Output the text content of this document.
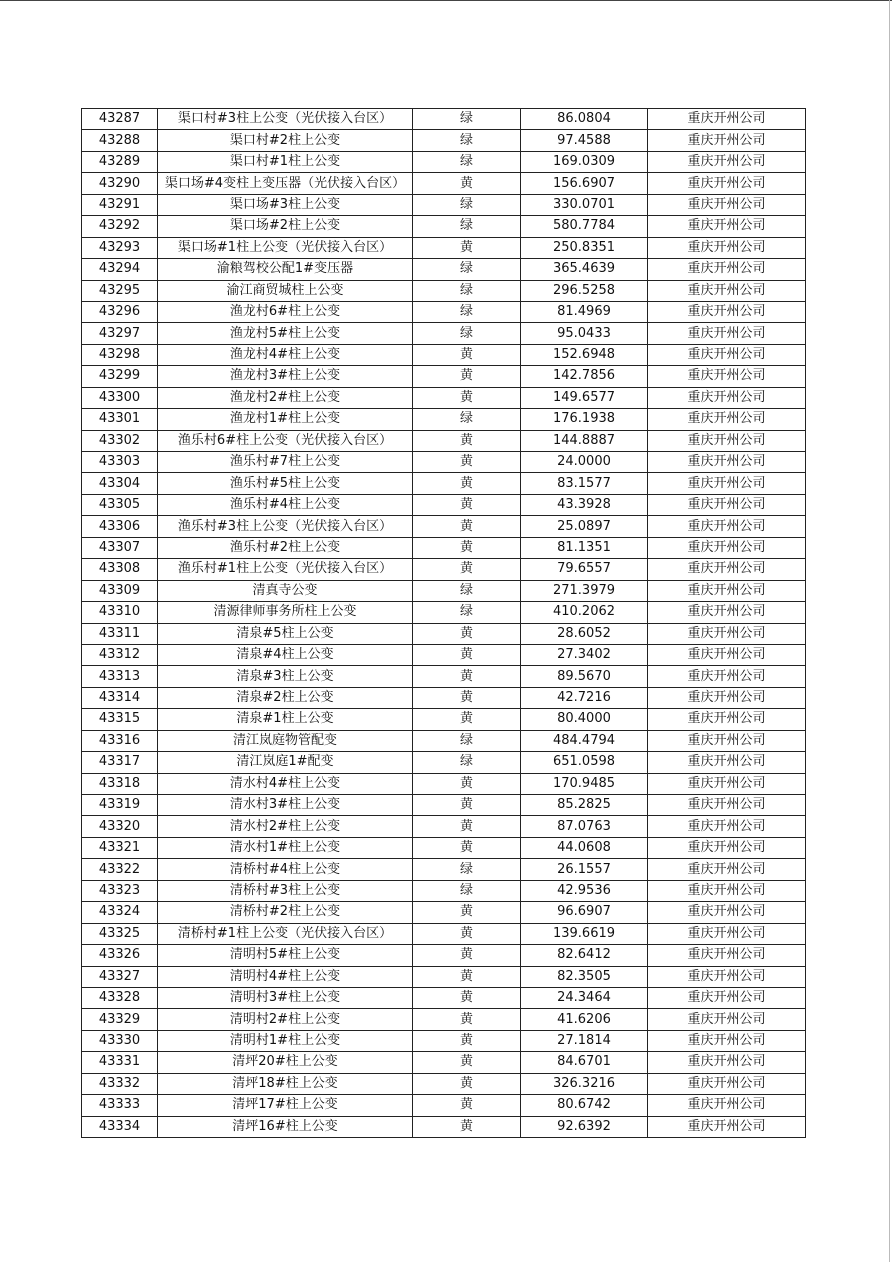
43287	渠口村#3柱上公变（光伏接入台区）	绿	86.0804	重庆开州公司
43288	渠口村#2柱上公变	绿	97.4588	重庆开州公司
43289	渠口村#1柱上公变	绿	169.0309	重庆开州公司
43290	渠口场#4变柱上变压器（光伏接入台区）	黄	156.6907	重庆开州公司
43291	渠口场#3柱上公变	绿	330.0701	重庆开州公司
43292	渠口场#2柱上公变	绿	580.7784	重庆开州公司
43293	渠口场#1柱上公变（光伏接入台区）	黄	250.8351	重庆开州公司
43294	渝粮驾校公配1#变压器	绿	365.4639	重庆开州公司
43295	渝江商贸城柱上公变	绿	296.5258	重庆开州公司
43296	渔龙村6#柱上公变	绿	81.4969	重庆开州公司
43297	渔龙村5#柱上公变	绿	95.0433	重庆开州公司
43298	渔龙村4#柱上公变	黄	152.6948	重庆开州公司
43299	渔龙村3#柱上公变	黄	142.7856	重庆开州公司
43300	渔龙村2#柱上公变	黄	149.6577	重庆开州公司
43301	渔龙村1#柱上公变	绿	176.1938	重庆开州公司
43302	渔乐村6#柱上公变（光伏接入台区）	黄	144.8887	重庆开州公司
43303	渔乐村#7柱上公变	黄	24.0000	重庆开州公司
43304	渔乐村#5柱上公变	黄	83.1577	重庆开州公司
43305	渔乐村#4柱上公变	黄	43.3928	重庆开州公司
43306	渔乐村#3柱上公变（光伏接入台区）	黄	25.0897	重庆开州公司
43307	渔乐村#2柱上公变	黄	81.1351	重庆开州公司
43308	渔乐村#1柱上公变（光伏接入台区）	黄	79.6557	重庆开州公司
43309	清真寺公变	绿	271.3979	重庆开州公司
43310	清源律师事务所柱上公变	绿	410.2062	重庆开州公司
43311	清泉#5柱上公变	黄	28.6052	重庆开州公司
43312	清泉#4柱上公变	黄	27.3402	重庆开州公司
43313	清泉#3柱上公变	黄	89.5670	重庆开州公司
43314	清泉#2柱上公变	黄	42.7216	重庆开州公司
43315	清泉#1柱上公变	黄	80.4000	重庆开州公司
43316	清江岚庭物管配变	绿	484.4794	重庆开州公司
43317	清江岚庭1#配变	绿	651.0598	重庆开州公司
43318	清水村4#柱上公变	黄	170.9485	重庆开州公司
43319	清水村3#柱上公变	黄	85.2825	重庆开州公司
43320	清水村2#柱上公变	黄	87.0763	重庆开州公司
43321	清水村1#柱上公变	黄	44.0608	重庆开州公司
43322	清桥村#4柱上公变	绿	26.1557	重庆开州公司
43323	清桥村#3柱上公变	绿	42.9536	重庆开州公司
43324	清桥村#2柱上公变	黄	96.6907	重庆开州公司
43325	清桥村#1柱上公变（光伏接入台区）	黄	139.6619	重庆开州公司
43326	清明村5#柱上公变	黄	82.6412	重庆开州公司
43327	清明村4#柱上公变	黄	82.3505	重庆开州公司
43328	清明村3#柱上公变	黄	24.3464	重庆开州公司
43329	清明村2#柱上公变	黄	41.6206	重庆开州公司
43330	清明村1#柱上公变	黄	27.1814	重庆开州公司
43331	清坪20#柱上公变	黄	84.6701	重庆开州公司
43332	清坪18#柱上公变	黄	326.3216	重庆开州公司
43333	清坪17#柱上公变	黄	80.6742	重庆开州公司
43334	清坪16#柱上公变	黄	92.6392	重庆开州公司
